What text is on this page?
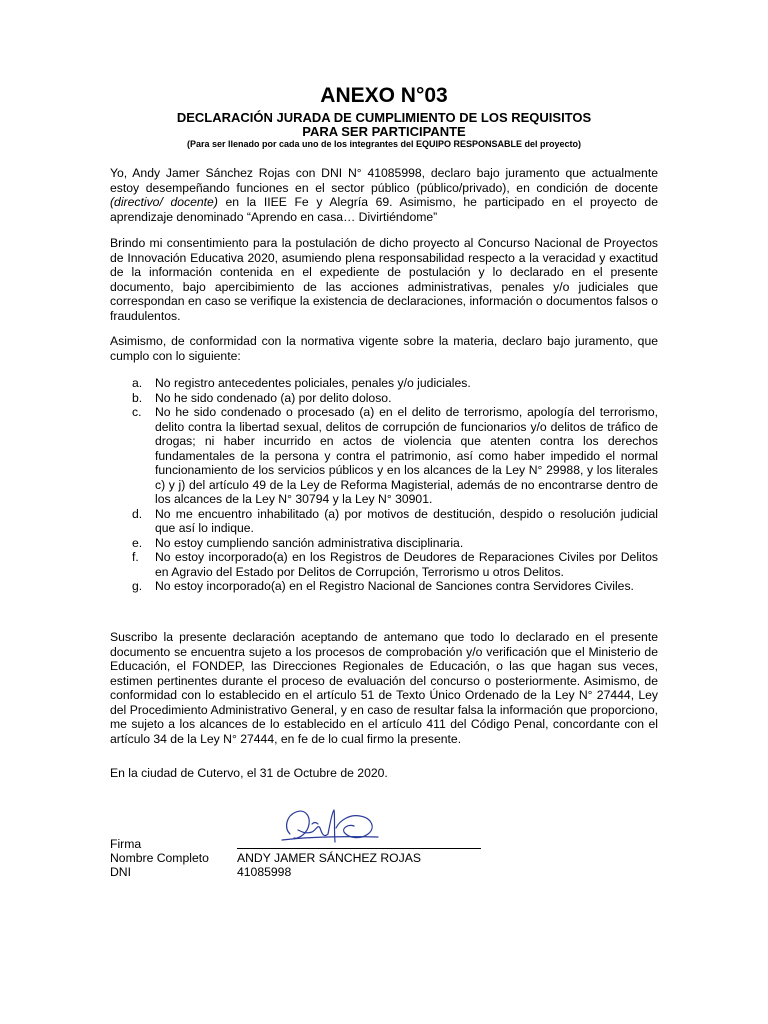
ANEXO N°03
DECLARACIÓN JURADA DE CUMPLIMIENTO DE LOS REQUISITOS
PARA SER PARTICIPANTE
(Para ser llenado por cada uno de los integrantes del EQUIPO RESPONSABLE del proyecto)

Yo, Andy Jamer Sánchez Rojas con DNI N° 41085998, declaro bajo juramento que actualmente estoy desempeñando funciones en el sector público (público/privado), en condición de docente (directivo/ docente) en la IIEE Fe y Alegría 69. Asimismo, he participado en el proyecto de aprendizaje denominado “Aprendo en casa… Divirtiéndome”

Brindo mi consentimiento para la postulación de dicho proyecto al Concurso Nacional de Proyectos de Innovación Educativa 2020, asumiendo plena responsabilidad respecto a la veracidad y exactitud de la información contenida en el expediente de postulación y lo declarado en el presente documento, bajo apercibimiento de las acciones administrativas, penales y/o judiciales que correspondan en caso se verifique la existencia de declaraciones, información o documentos falsos o fraudulentos.

Asimismo, de conformidad con la normativa vigente sobre la materia, declaro bajo juramento, que cumplo con lo siguiente:

a. No registro antecedentes policiales, penales y/o judiciales.
b. No he sido condenado (a) por delito doloso.
c. No he sido condenado o procesado (a) en el delito de terrorismo, apología del terrorismo, delito contra la libertad sexual, delitos de corrupción de funcionarios y/o delitos de tráfico de drogas; ni haber incurrido en actos de violencia que atenten contra los derechos fundamentales de la persona y contra el patrimonio, así como haber impedido el normal funcionamiento de los servicios públicos y en los alcances de la Ley N° 29988, y los literales c) y j) del artículo 49 de la Ley de Reforma Magisterial, además de no encontrarse dentro de los alcances de la Ley N° 30794 y la Ley N° 30901.
d. No me encuentro inhabilitado (a) por motivos de destitución, despido o resolución judicial que así lo indique.
e. No estoy cumpliendo sanción administrativa disciplinaria.
f. No estoy incorporado(a) en los Registros de Deudores de Reparaciones Civiles por Delitos en Agravio del Estado por Delitos de Corrupción, Terrorismo u otros Delitos.
g. No estoy incorporado(a) en el Registro Nacional de Sanciones contra Servidores Civiles.

Suscribo la presente declaración aceptando de antemano que todo lo declarado en el presente documento se encuentra sujeto a los procesos de comprobación y/o verificación que el Ministerio de Educación, el FONDEP, las Direcciones Regionales de Educación, o las que hagan sus veces, estimen pertinentes durante el proceso de evaluación del concurso o posteriormente. Asimismo, de conformidad con lo establecido en el artículo 51 de Texto Único Ordenado de la Ley N° 27444, Ley del Procedimiento Administrativo General, y en caso de resultar falsa la información que proporciono, me sujeto a los alcances de lo establecido en el artículo 411 del Código Penal, concordante con el artículo 34 de la Ley N° 27444, en fe de lo cual firmo la presente.

En la ciudad de Cutervo, el 31 de Octubre de 2020.

Firma
Nombre Completo ANDY JAMER SÁNCHEZ ROJAS
DNI	41085998
